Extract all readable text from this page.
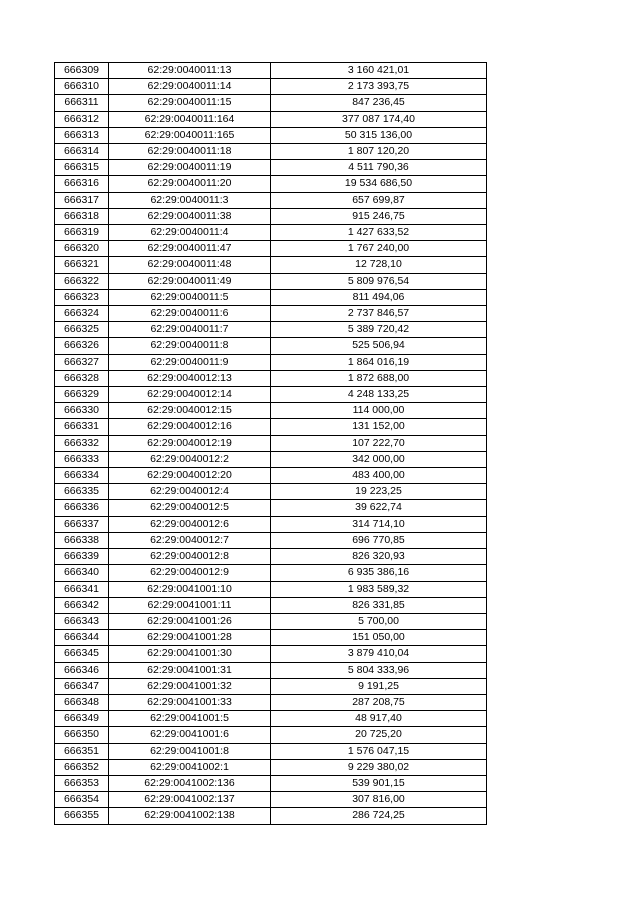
666309	62:29:0040011:13	3 160 421,01
666310	62:29:0040011:14	2 173 393,75
666311	62:29:0040011:15	847 236,45
666312	62:29:0040011:164	377 087 174,40
666313	62:29:0040011:165	50 315 136,00
666314	62:29:0040011:18	1 807 120,20
666315	62:29:0040011:19	4 511 790,36
666316	62:29:0040011:20	19 534 686,50
666317	62:29:0040011:3	657 699,87
666318	62:29:0040011:38	915 246,75
666319	62:29:0040011:4	1 427 633,52
666320	62:29:0040011:47	1 767 240,00
666321	62:29:0040011:48	12 728,10
666322	62:29:0040011:49	5 809 976,54
666323	62:29:0040011:5	811 494,06
666324	62:29:0040011:6	2 737 846,57
666325	62:29:0040011:7	5 389 720,42
666326	62:29:0040011:8	525 506,94
666327	62:29:0040011:9	1 864 016,19
666328	62:29:0040012:13	1 872 688,00
666329	62:29:0040012:14	4 248 133,25
666330	62:29:0040012:15	114 000,00
666331	62:29:0040012:16	131 152,00
666332	62:29:0040012:19	107 222,70
666333	62:29:0040012:2	342 000,00
666334	62:29:0040012:20	483 400,00
666335	62:29:0040012:4	19 223,25
666336	62:29:0040012:5	39 622,74
666337	62:29:0040012:6	314 714,10
666338	62:29:0040012:7	696 770,85
666339	62:29:0040012:8	826 320,93
666340	62:29:0040012:9	6 935 386,16
666341	62:29:0041001:10	1 983 589,32
666342	62:29:0041001:11	826 331,85
666343	62:29:0041001:26	5 700,00
666344	62:29:0041001:28	151 050,00
666345	62:29:0041001:30	3 879 410,04
666346	62:29:0041001:31	5 804 333,96
666347	62:29:0041001:32	9 191,25
666348	62:29:0041001:33	287 208,75
666349	62:29:0041001:5	48 917,40
666350	62:29:0041001:6	20 725,20
666351	62:29:0041001:8	1 576 047,15
666352	62:29:0041002:1	9 229 380,02
666353	62:29:0041002:136	539 901,15
666354	62:29:0041002:137	307 816,00
666355	62:29:0041002:138	286 724,25
